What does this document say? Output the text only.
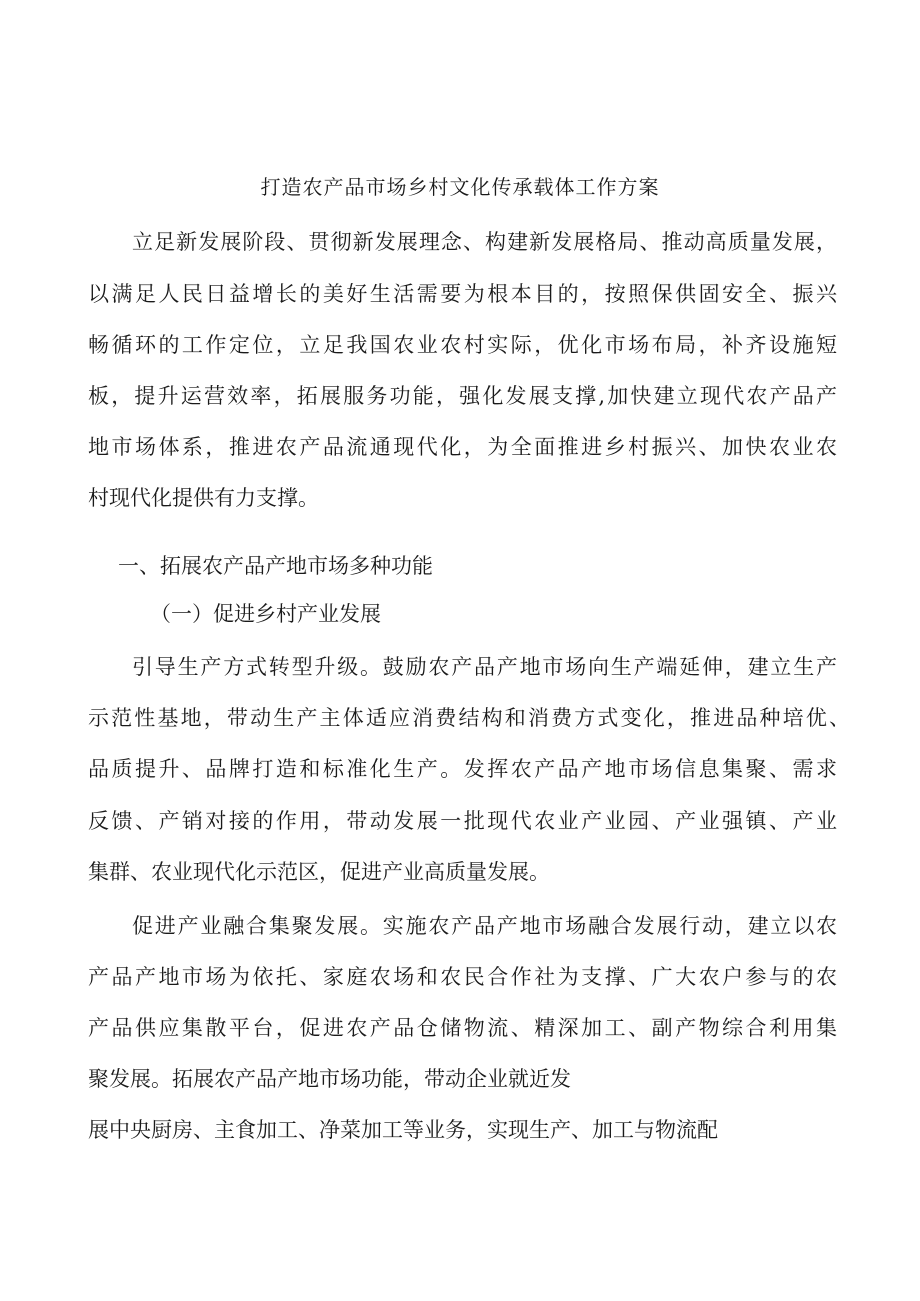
打造农产品市场乡村文化传承载体工作方案
立足新发展阶段、贯彻新发展理念、构建新发展格局、推动高质量发展，
以满足人民日益增长的美好生活需要为根本目的，按照保供固安全、振兴
畅循环的工作定位，立足我国农业农村实际，优化市场布局，补齐设施短
板，提升运营效率，拓展服务功能，强化发展支撑,加快建立现代农产品产
地市场体系，推进农产品流通现代化，为全面推进乡村振兴、加快农业农
村现代化提供有力支撑。
一、拓展农产品产地市场多种功能
（一）促进乡村产业发展
引导生产方式转型升级。鼓励农产品产地市场向生产端延伸，建立生产
示范性基地，带动生产主体适应消费结构和消费方式变化，推进品种培优、
品质提升、品牌打造和标准化生产。发挥农产品产地市场信息集聚、需求
反馈、产销对接的作用，带动发展一批现代农业产业园、产业强镇、产业
集群、农业现代化示范区，促进产业高质量发展。
促进产业融合集聚发展。实施农产品产地市场融合发展行动，建立以农
产品产地市场为依托、家庭农场和农民合作社为支撑、广大农户参与的农
产品供应集散平台，促进农产品仓储物流、精深加工、副产物综合利用集
聚发展。拓展农产品产地市场功能，带动企业就近发
展中央厨房、主食加工、净菜加工等业务，实现生产、加工与物流配
